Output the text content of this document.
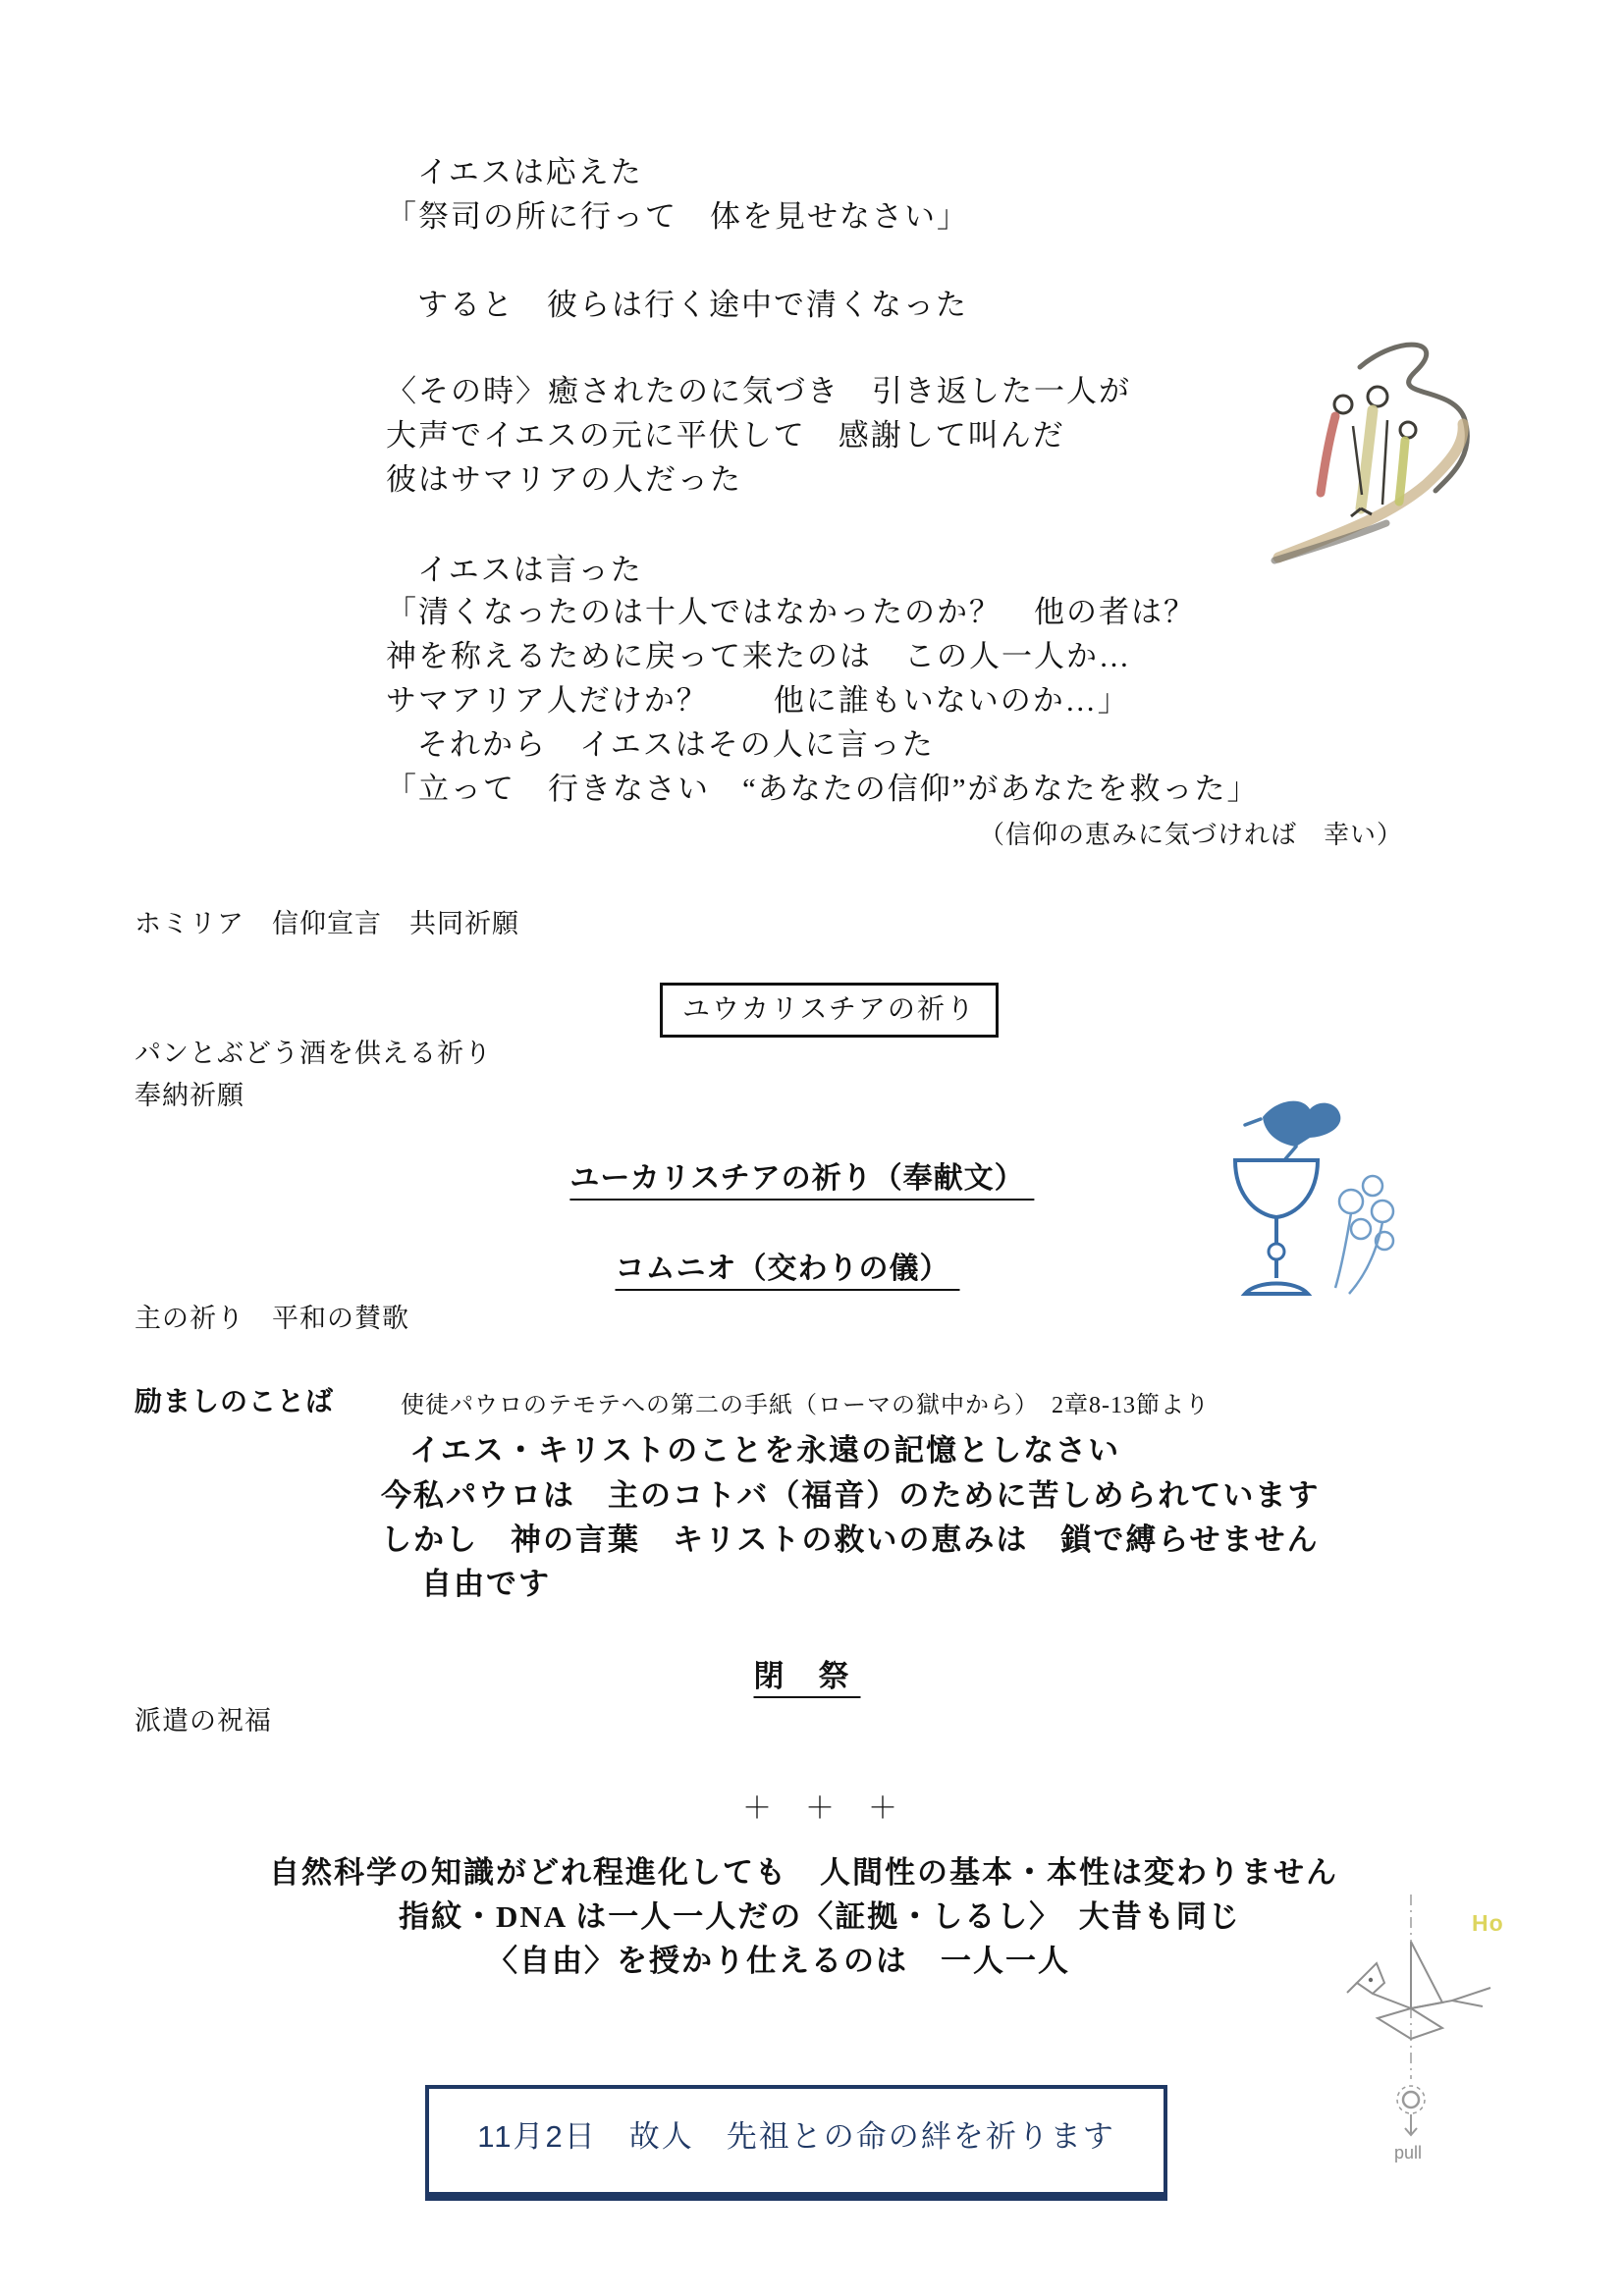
イエスは応えた
「祭司の所に行って　体を見せなさい」
すると　彼らは行く途中で清くなった
〈その時〉癒されたのに気づき　引き返した一人が
大声でイエスの元に平伏して　感謝して叫んだ
彼はサマリアの人だった
イエスは言った
「清くなったのは十人ではなかったのか？　他の者は？
神を称えるために戻って来たのは　この人一人か…
サマアリア人だけか？　　他に誰もいないのか…」
それから　イエスはその人に言った
「立って　行きなさい　“あなたの信仰”があなたを救った」
（信仰の恵みに気づければ　幸い）
ホミリア　信仰宣言　共同祈願
ユウカリスチアの祈り
パンとぶどう酒を供える祈り
奉納祈願
ユーカリスチアの祈り（奉献文）
コムニオ（交わりの儀）
主の祈り　平和の賛歌
励ましのことば	使徒パウロのテモテへの第二の手紙（ローマの獄中から）　2章8-13節より
イエス・キリストのことを永遠の記憶としなさい
今私パウロは　主のコトバ（福音）のために苦しめられています
しかし　神の言葉　キリストの救いの恵みは　鎖で縛らせません
自由です
閉　祭
派遣の祝福
＋　＋　＋
自然科学の知識がどれ程進化しても　人間性の基本・本性は変わりません
指紋・DNA は一人一人だの〈証拠・しるし〉　大昔も同じ
〈自由〉を授かり仕えるのは　一人一人
11月2日　故人　先祖との命の絆を祈ります
Ho
pull
